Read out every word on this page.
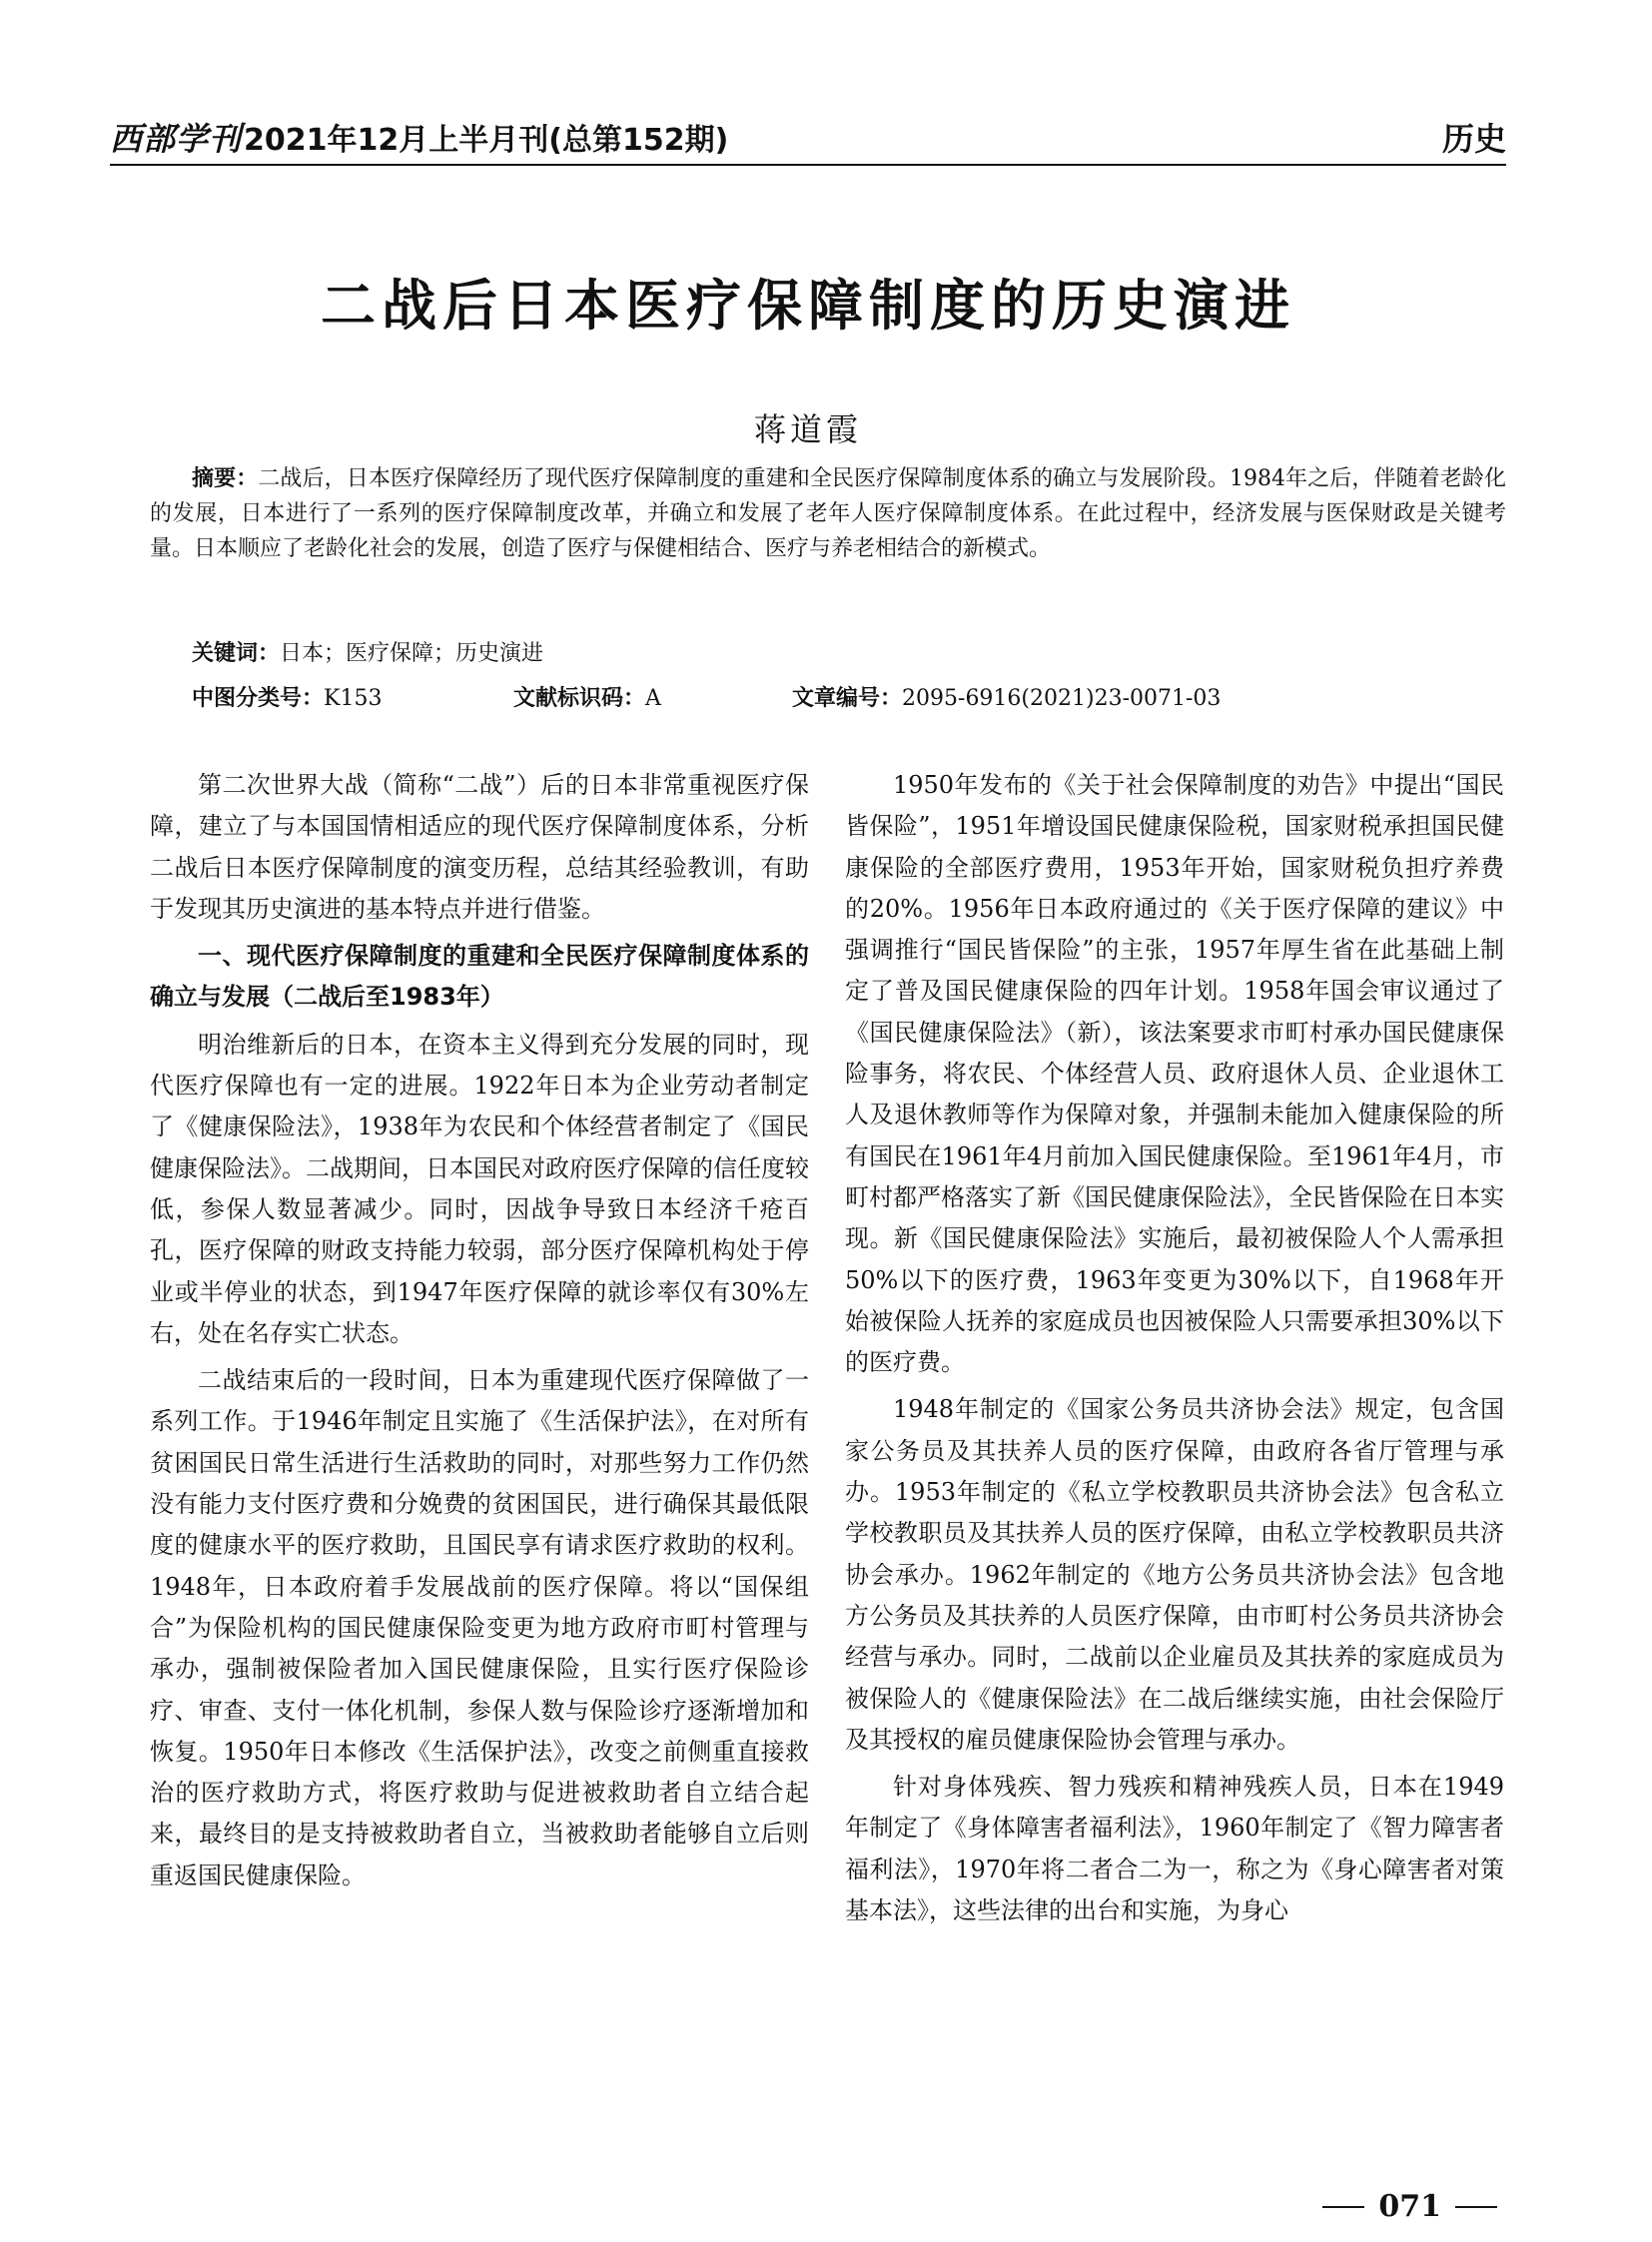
西部学刊2021年12月上半月刊(总第152期)	历史
二战后日本医疗保障制度的历史演进
蒋道霞
摘要：二战后，日本医疗保障经历了现代医疗保障制度的重建和全民医疗保障制度体系的确立与发展阶段。1984年之后，伴随着老龄化的发展，日本进行了一系列的医疗保障制度改革，并确立和发展了老年人医疗保障制度体系。在此过程中，经济发展与医保财政是关键考量。日本顺应了老龄化社会的发展，创造了医疗与保健相结合、医疗与养老相结合的新模式。
关键词：日本；医疗保障；历史演进
中图分类号：K153	文献标识码：A	文章编号：2095-6916(2021)23-0071-03

第二次世界大战（简称“二战”）后的日本非常重视医疗保障，建立了与本国国情相适应的现代医疗保障制度体系，分析二战后日本医疗保障制度的演变历程，总结其经验教训，有助于发现其历史演进的基本特点并进行借鉴。

一、现代医疗保障制度的重建和全民医疗保障制度体系的确立与发展（二战后至1983年）

明治维新后的日本，在资本主义得到充分发展的同时，现代医疗保障也有一定的进展。1922年日本为企业劳动者制定了《健康保险法》，1938年为农民和个体经营者制定了《国民健康保险法》。二战期间，日本国民对政府医疗保障的信任度较低，参保人数显著减少。同时，因战争导致日本经济千疮百孔，医疗保障的财政支持能力较弱，部分医疗保障机构处于停业或半停业的状态，到1947年医疗保障的就诊率仅有30%左右，处在名存实亡状态。

二战结束后的一段时间，日本为重建现代医疗保障做了一系列工作。于1946年制定且实施了《生活保护法》，在对所有贫困国民日常生活进行生活救助的同时，对那些努力工作仍然没有能力支付医疗费和分娩费的贫困国民，进行确保其最低限度的健康水平的医疗救助，且国民享有请求医疗救助的权利。1948年，日本政府着手发展战前的医疗保障。将以“国保组合”为保险机构的国民健康保险变更为地方政府市町村管理与承办，强制被保险者加入国民健康保险，且实行医疗保险诊疗、审查、支付一体化机制，参保人数与保险诊疗逐渐增加和恢复。1950年日本修改《生活保护法》，改变之前侧重直接救治的医疗救助方式，将医疗救助与促进被救助者自立结合起来，最终目的是支持被救助者自立，当被救助者能够自立后则重返国民健康保险。

1950年发布的《关于社会保障制度的劝告》中提出“国民皆保险”，1951年增设国民健康保险税，国家财税承担国民健康保险的全部医疗费用，1953年开始，国家财税负担疗养费的20%。1956年日本政府通过的《关于医疗保障的建议》中强调推行“国民皆保险”的主张，1957年厚生省在此基础上制定了普及国民健康保险的四年计划。1958年国会审议通过了《国民健康保险法》（新），该法案要求市町村承办国民健康保险事务，将农民、个体经营人员、政府退休人员、企业退休工人及退休教师等作为保障对象，并强制未能加入健康保险的所有国民在1961年4月前加入国民健康保险。至1961年4月，市町村都严格落实了新《国民健康保险法》，全民皆保险在日本实现。新《国民健康保险法》实施后，最初被保险人个人需承担50%以下的医疗费，1963年变更为30%以下，自1968年开始被保险人抚养的家庭成员也因被保险人只需要承担30%以下的医疗费。

1948年制定的《国家公务员共济协会法》规定，包含国家公务员及其扶养人员的医疗保障，由政府各省厅管理与承办。1953年制定的《私立学校教职员共济协会法》包含私立学校教职员及其扶养人员的医疗保障，由私立学校教职员共济协会承办。1962年制定的《地方公务员共济协会法》包含地方公务员及其扶养的人员医疗保障，由市町村公务员共济协会经营与承办。同时，二战前以企业雇员及其扶养的家庭成员为被保险人的《健康保险法》在二战后继续实施，由社会保险厅及其授权的雇员健康保险协会管理与承办。

针对身体残疾、智力残疾和精神残疾人员，日本在1949年制定了《身体障害者福利法》，1960年制定了《智力障害者福利法》，1970年将二者合二为一，称之为《身心障害者对策基本法》，这些法律的出台和实施，为身心

071
